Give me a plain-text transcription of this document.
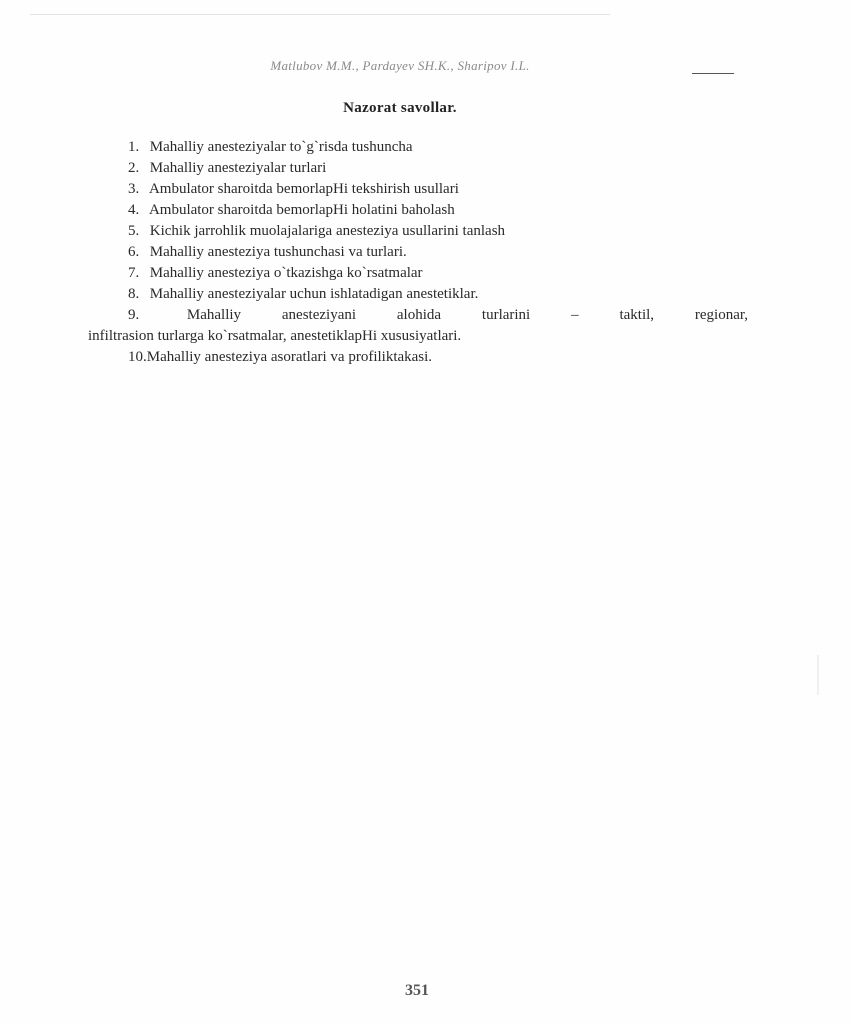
Matlubov M.M., Pardayev SH.K., Sharipov I.L.
Nazorat savollar.
1. Mahalliy anesteziyalar to`g`risda tushuncha
2. Mahalliy anesteziyalar turlari
3. Ambulator sharoitda bemorlapHi tekshirish usullari
4. Ambulator sharoitda bemorlapHi holatini baholash
5. Kichik jarrohlik muolajalariga anesteziya usullarini tanlash
6. Mahalliy anesteziya tushunchasi va turlari.
7. Mahalliy anesteziya o`tkazishga ko`rsatmalar
8. Mahalliy anesteziyalar uchun ishlatadigan anestetiklar.
9.	Mahalliy anesteziyani alohida turlarini – taktil, regionar,
infiltrasion turlarga ko`rsatmalar, anestetiklapHi xususiyatlari.
10.Mahalliy anesteziya asoratlari va profiliktakasi.
351
